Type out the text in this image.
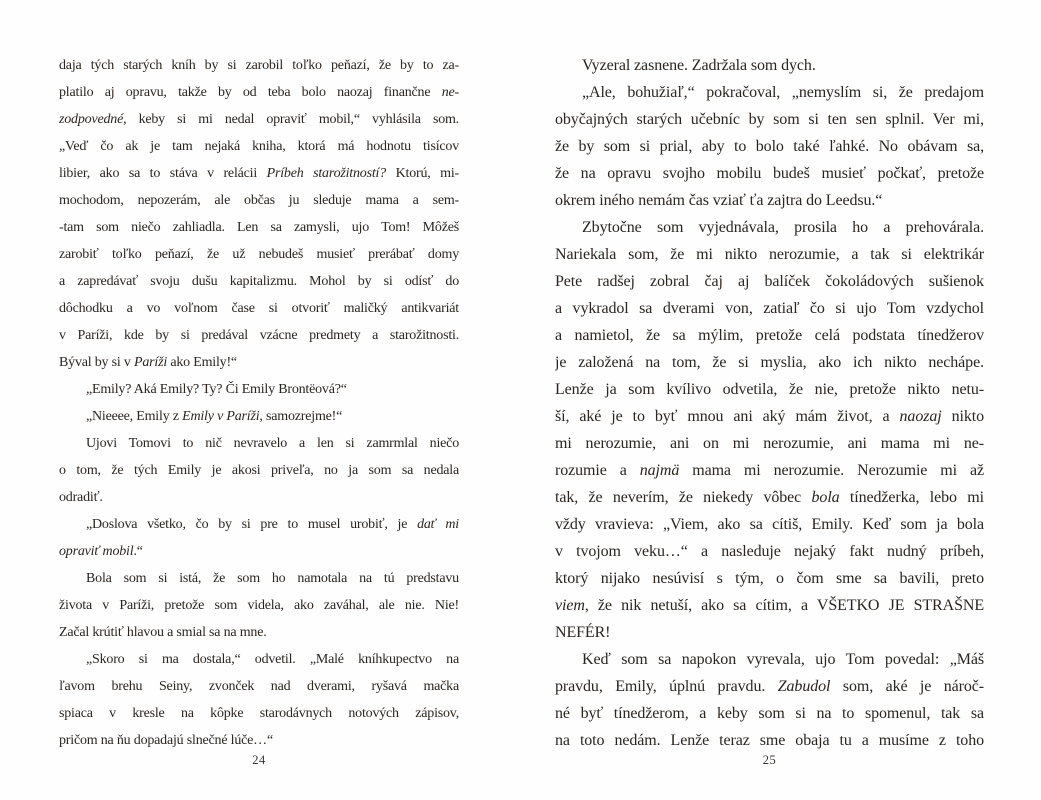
daja tých starých kníh by si zarobil toľko peňazí, že by to za-
platilo aj opravu, takže by od teba bolo naozaj finančne ne-
zodpovedné, keby si mi nedal opraviť mobil,“ vyhlásila som.
„Veď čo ak je tam nejaká kniha, ktorá má hodnotu tisícov
libier, ako sa to stáva v relácii Príbeh starožitností? Ktorú, mi-
mochodom, nepozerám, ale občas ju sleduje mama a sem-
-tam som niečo zahliadla. Len sa zamysli, ujo Tom! Môžeš
zarobiť toľko peňazí, že už nebudeš musieť prerábať domy
a zapredávať svoju dušu kapitalizmu. Mohol by si odísť do
dôchodku a vo voľnom čase si otvoriť maličký antikvariát
v Paríži, kde by si predával vzácne predmety a starožitnosti.
Býval by si v Paríži ako Emily!“
„Emily? Aká Emily? Ty? Či Emily Brontëová?“
„Nieeee, Emily z Emily v Paríži, samozrejme!“
Ujovi Tomovi to nič nevravelo a len si zamrmlal niečo
o tom, že tých Emily je akosi priveľa, no ja som sa nedala
odradiť.
„Doslova všetko, čo by si pre to musel urobiť, je dať mi
opraviť mobil.“
Bola som si istá, že som ho namotala na tú predstavu
života v Paríži, pretože som videla, ako zaváhal, ale nie. Nie!
Začal krútiť hlavou a smial sa na mne.
„Skoro si ma dostala,“ odvetil. „Malé kníhkupectvo na
ľavom brehu Seiny, zvonček nad dverami, ryšavá mačka
spiaca v kresle na kôpke starodávnych notových zápisov,
pričom na ňu dopadajú slnečné lúče…“
Vyzeral zasnene. Zadržala som dych.
„Ale, bohužiaľ,“ pokračoval, „nemyslím si, že predajom
obyčajných starých učebníc by som si ten sen splnil. Ver mi,
že by som si prial, aby to bolo také ľahké. No obávam sa,
že na opravu svojho mobilu budeš musieť počkať, pretože
okrem iného nemám čas vziať ťa zajtra do Leedsu.“
Zbytočne som vyjednávala, prosila ho a prehovárala.
Nariekala som, že mi nikto nerozumie, a tak si elektrikár
Pete radšej zobral čaj aj balíček čokoládových sušienok
a vykradol sa dverami von, zatiaľ čo si ujo Tom vzdychol
a namietol, že sa mýlim, pretože celá podstata tínedžerov
je založená na tom, že si myslia, ako ich nikto nechápe.
Lenže ja som kvílivo odvetila, že nie, pretože nikto netu-
ší, aké je to byť mnou ani aký mám život, a naozaj nikto
mi nerozumie, ani on mi nerozumie, ani mama mi ne-
rozumie a najmä mama mi nerozumie. Nerozumie mi až
tak, že neverím, že niekedy vôbec bola tínedžerka, lebo mi
vždy vravieva: „Viem, ako sa cítiš, Emily. Keď som ja bola
v tvojom veku…“ a nasleduje nejaký fakt nudný príbeh,
ktorý nijako nesúvisí s tým, o čom sme sa bavili, preto
viem, že nik netuší, ako sa cítim, a VŠETKO JE STRAŠNE
NEFÉR!
Keď som sa napokon vyrevala, ujo Tom povedal: „Máš
pravdu, Emily, úplnú pravdu. Zabudol som, aké je nároč-
né byť tínedžerom, a keby som si na to spomenul, tak sa
na toto nedám. Lenže teraz sme obaja tu a musíme z toho
24	25
